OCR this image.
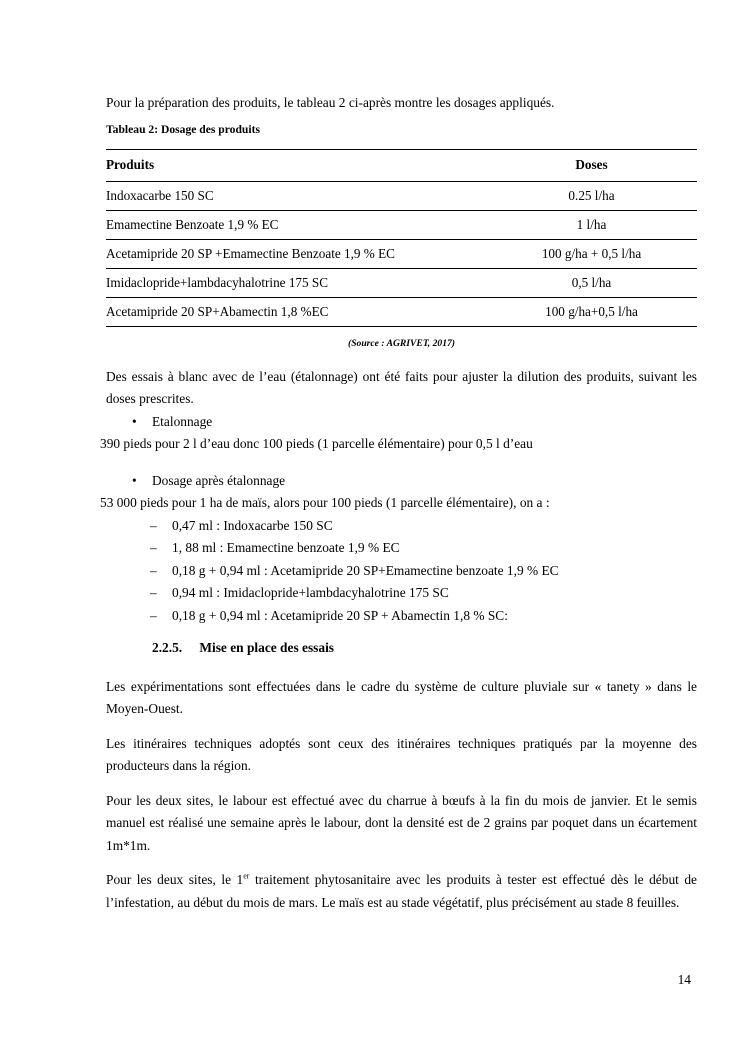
Pour la préparation des produits, le tableau 2 ci-après montre les dosages appliqués.

Tableau 2: Dosage des produits

Produits	Doses
Indoxacarbe 150 SC	0.25 l/ha
Emamectine Benzoate 1,9 % EC	1 l/ha
Acetamipride 20 SP +Emamectine Benzoate 1,9 % EC	100 g/ha + 0,5 l/ha
Imidaclopride+lambdacyhalotrine 175 SC	0,5 l/ha
Acetamipride 20 SP+Abamectin 1,8 %EC	100 g/ha+0,5 l/ha

(Source : AGRIVET, 2017)

Des essais à blanc avec de l’eau (étalonnage) ont été faits pour ajuster la dilution des produits, suivant les doses prescrites.

• Etalonnage

390 pieds pour 2 l d’eau donc 100 pieds (1 parcelle élémentaire) pour 0,5 l d’eau

• Dosage après étalonnage

53 000 pieds pour 1 ha de maïs, alors pour 100 pieds (1 parcelle élémentaire), on a :

– 0,47 ml : Indoxacarbe 150 SC

– 1, 88 ml : Emamectine benzoate 1,9 % EC

– 0,18 g + 0,94 ml : Acetamipride 20 SP+Emamectine benzoate 1,9 % EC

– 0,94 ml : Imidaclopride+lambdacyhalotrine 175 SC

– 0,18 g + 0,94 ml : Acetamipride 20 SP + Abamectin 1,8 % SC:

2.2.5. Mise en place des essais

Les expérimentations sont effectuées dans le cadre du système de culture pluviale sur « tanety » dans le Moyen-Ouest.

Les itinéraires techniques adoptés sont ceux des itinéraires techniques pratiqués par la moyenne des producteurs dans la région.

Pour les deux sites, le labour est effectué avec du charrue à bœufs à la fin du mois de janvier. Et le semis manuel est réalisé une semaine après le labour, dont la densité est de 2 grains par poquet dans un écartement 1m*1m.

Pour les deux sites, le 1er traitement phytosanitaire avec les produits à tester est effectué dès le début de l’infestation, au début du mois de mars. Le maïs est au stade végétatif, plus précisément au stade 8 feuilles.

14
